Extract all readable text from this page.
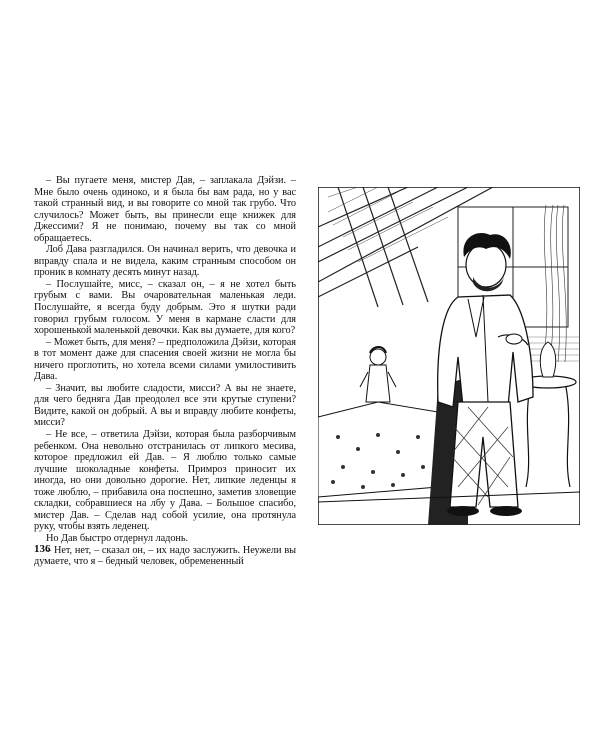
– Вы пугаете меня, мистер Дав, – заплакала Дэйзи. – Мне было очень одиноко, и я была бы вам рада, но у вас такой странный вид, и вы говорите со мной так грубо. Что случилось? Может быть, вы принесли еще книжек для Джессими? Я не понимаю, почему вы так со мной обращаетесь.

Лоб Дава разгладился. Он начинал верить, что девочка и вправду спала и не видела, каким странным способом он проник в комнату десять минут назад.

– Послушайте, мисс, – сказал он, – я не хотел быть грубым с вами. Вы очаровательная маленькая леди. Послушайте, я всегда буду добрым. Это я шутки ради говорил грубым голосом. У меня в кармане сласти для хорошенькой маленькой девочки. Как вы думаете, для кого?

– Может быть, для меня? – предположила Дэйзи, которая в тот момент даже для спасения своей жизни не могла бы ничего проглотить, но хотела всеми силами умилостивить Дава.

– Значит, вы любите сладости, мисси? А вы не знаете, для чего бедняга Дав преодолел все эти крутые ступени? Видите, какой он добрый. А вы и вправду любите конфеты, мисси?

– Не все, – ответила Дэйзи, которая была разборчивым ребенком. Она невольно отстранилась от липкого месива, которое предложил ей Дав. – Я люблю только самые лучшие шоколадные конфеты. Примроз приносит их иногда, но они довольно дорогие. Нет, липкие леденцы я тоже люблю, – прибавила она поспешно, заметив зловещие складки, собравшиеся на лбу у Дава. – Большое спасибо, мистер Дав. – Сделав над собой усилие, она протянула руку, чтобы взять леденец.

Но Дав быстро отдернул ладонь.

– Нет, нет, – сказал он, – их надо заслужить. Неужели вы думаете, что я – бедный человек, обремененный

136
